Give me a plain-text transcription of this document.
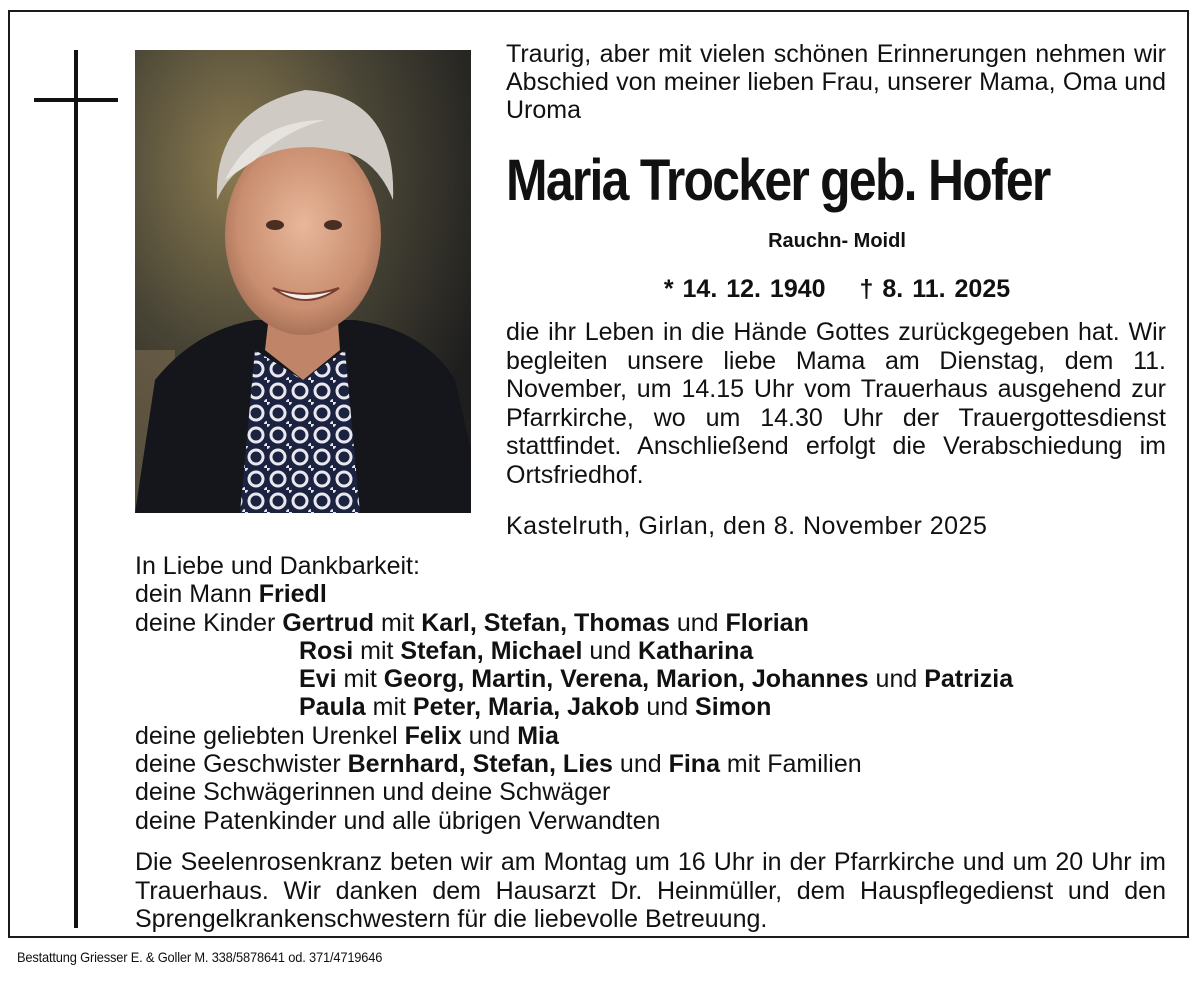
Traurig, aber mit vielen schönen Erinnerungen nehmen wir Abschied von meiner lieben Frau, unserer Mama, Oma und Uroma
Maria Trocker geb. Hofer
Rauchn- Moidl
* 14. 12. 1940 † 8. 11. 2025
die ihr Leben in die Hände Gottes zurückgegeben hat. Wir begleiten unsere liebe Mama am Dienstag, dem 11. November, um 14.15 Uhr vom Trauerhaus ausgehend zur Pfarrkirche, wo um 14.30 Uhr der Trauergottesdienst stattfindet. Anschließend erfolgt die Verabschiedung im Ortsfriedhof.
Kastelruth, Girlan, den 8. November 2025
In Liebe und Dankbarkeit:
dein Mann Friedl
deine Kinder Gertrud mit Karl, Stefan, Thomas und Florian
Rosi mit Stefan, Michael und Katharina
Evi mit Georg, Martin, Verena, Marion, Johannes und Patrizia
Paula mit Peter, Maria, Jakob und Simon
deine geliebten Urenkel Felix und Mia
deine Geschwister Bernhard, Stefan, Lies und Fina mit Familien
deine Schwägerinnen und deine Schwäger
deine Patenkinder und alle übrigen Verwandten
Die Seelenrosenkranz beten wir am Montag um 16 Uhr in der Pfarrkirche und um 20 Uhr im Trauerhaus. Wir danken dem Hausarzt Dr. Heinmüller, dem Hauspflegedienst und den Sprengelkrankenschwestern für die liebevolle Betreuung.
Bestattung Griesser E. & Goller M. 338/5878641 od. 371/4719646
